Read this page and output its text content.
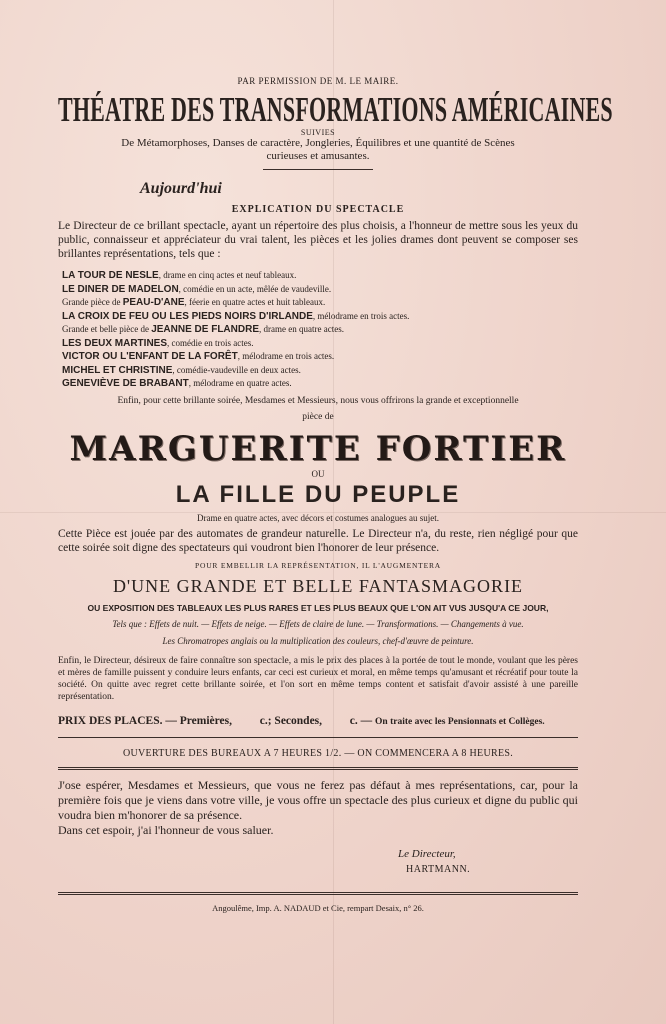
PAR PERMISSION DE M. LE MAIRE.
THÉATRE DES TRANSFORMATIONS AMÉRICAINES
SUIVIES
De Métamorphoses, Danses de caractère, Jongleries, Équilibres et une quantité de Scènes
curieuses et amusantes.
Aujourd'hui
EXPLICATION DU SPECTACLE
Le Directeur de ce brillant spectacle, ayant un répertoire des plus choisis, a l'honneur de mettre sous les yeux du public, connaisseur et appréciateur du vrai talent, les pièces et les jolies drames dont peuvent se composer ses brillantes représentations, tels que :
LA TOUR DE NESLE, drame en cinq actes et neuf tableaux.
LE DINER DE MADELON, comédie en un acte, mêlée de vaudeville.
Grande pièce de PEAU-D'ANE, féerie en quatre actes et huit tableaux.
LA CROIX DE FEU OU LES PIEDS NOIRS D'IRLANDE, mélodrame en trois actes.
Grande et belle pièce de JEANNE DE FLANDRE, drame en quatre actes.
LES DEUX MARTINES, comédie en trois actes.
VICTOR OU L'ENFANT DE LA FORÊT, mélodrame en trois actes.
MICHEL ET CHRISTINE, comédie-vaudeville en deux actes.
GENEVIÈVE DE BRABANT, mélodrame en quatre actes.
Enfin, pour cette brillante soirée, Mesdames et Messieurs, nous vous offrirons la grande et exceptionnelle
pièce de
MARGUERITE FORTIER
OU
LA FILLE DU PEUPLE
Drame en quatre actes, avec décors et costumes analogues au sujet.
Cette Pièce est jouée par des automates de grandeur naturelle. Le Directeur n'a, du reste, rien négligé pour que cette soirée soit digne des spectateurs qui voudront bien l'honorer de leur présence.
POUR EMBELLIR LA REPRÉSENTATION, IL L'AUGMENTERA
D'UNE GRANDE ET BELLE FANTASMAGORIE
OU EXPOSITION DES TABLEAUX LES PLUS RARES ET LES PLUS BEAUX QUE L'ON AIT VUS JUSQU'A CE JOUR,
Tels que : Effets de nuit. — Effets de neige. — Effets de claire de lune. — Transformations. — Changements à vue.
Les Chromatropes anglais ou la multiplication des couleurs, chef-d'œuvre de peinture.
Enfin, le Directeur, désireux de faire connaître son spectacle, a mis le prix des places à la portée de tout le monde, voulant que les pères et mères de famille puissent y conduire leurs enfants, car ceci est curieux et moral, en même temps qu'amusant et récréatif pour toute la société. On quitte avec regret cette brillante soirée, et l'on sort en même temps content et satisfait d'avoir assisté à une pareille représentation.
PRIX DES PLACES. — Premières, c.; Secondes, c. — On traite avec les Pensionnats et Collèges.
OUVERTURE DES BUREAUX A 7 HEURES 1/2. — ON COMMENCERA A 8 HEURES.
J'ose espérer, Mesdames et Messieurs, que vous ne ferez pas défaut à mes représentations, car, pour la première fois que je viens dans votre ville, je vous offre un spectacle des plus curieux et digne du public qui voudra bien m'honorer de sa présence.
Dans cet espoir, j'ai l'honneur de vous saluer.
Le Directeur,
HARTMANN.
Angoulême, Imp. A. NADAUD et Cie, rempart Desaix, n° 26.
